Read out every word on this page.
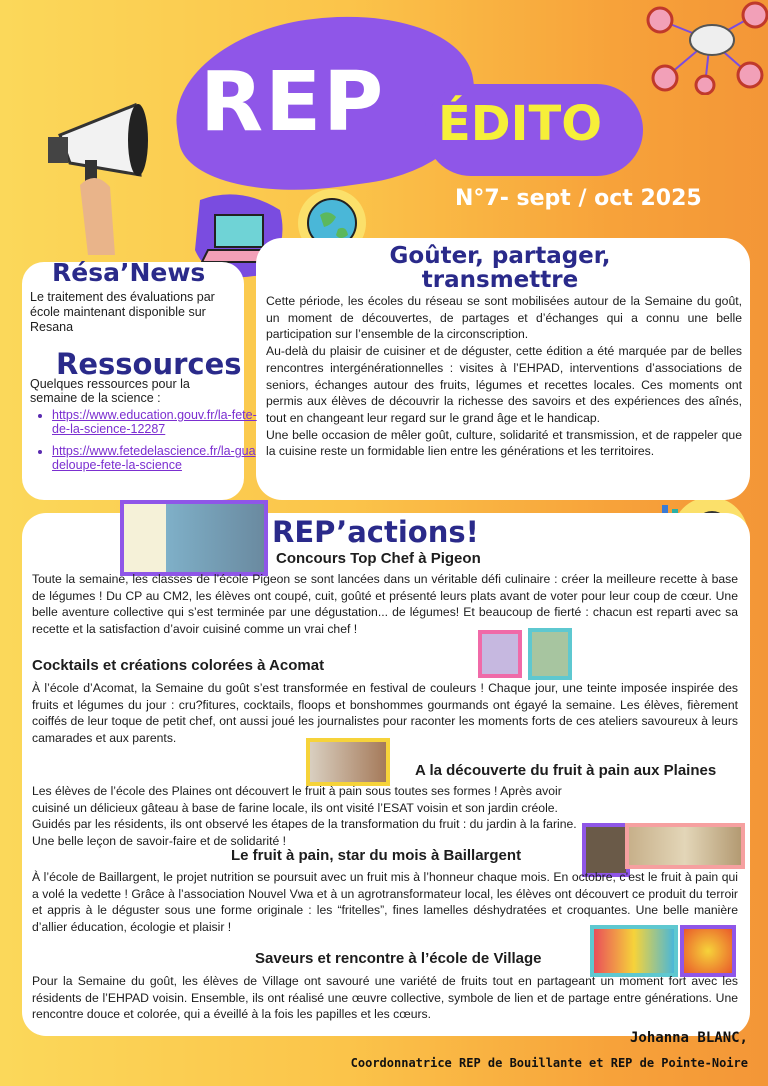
REP ÉDITO
N°7- sept / oct 2025
Résa’News
Le traitement des évaluations par école maintenant disponible sur Resana
Ressources
Quelques ressources pour la semaine de la science :
• https://www.education.gouv.fr/la-fete-de-la-science-12287
• https://www.fetedelascience.fr/la-guadeloupe-fete-la-science
Goûter, partager, transmettre

Cette période, les écoles du réseau se sont mobilisées autour de la Semaine du goût, un moment de découvertes, de partages et d’échanges qui a connu une belle participation sur l’ensemble de la circonscription.

Au-delà du plaisir de cuisiner et de déguster, cette édition a été marquée par de belles rencontres intergénérationnelles : visites à l’EHPAD, interventions d’associations de seniors, échanges autour des fruits, légumes et recettes locales. Ces moments ont permis aux élèves de découvrir la richesse des savoirs et des expériences des aînés, tout en changeant leur regard sur le grand âge et le handicap.

Une belle occasion de mêler goût, culture, solidarité et transmission, et de rappeler que la cuisine reste un formidable lien entre les générations et les territoires.

REP’actions!
Concours Top Chef à Pigeon
Toute la semaine, les classes de l’école Pigeon se sont lancées dans un véritable défi culinaire : créer la meilleure recette à base de légumes ! Du CP au CM2, les élèves ont coupé, cuit, goûté et présenté leurs plats avant de voter pour leur coup de cœur. Une belle aventure collective qui s’est terminée par une dégustation... de légumes! Et beaucoup de fierté : chacun est reparti avec sa recette et la satisfaction d’avoir cuisiné comme un vrai chef !
Cocktails et créations colorées à Acomat
À l’école d’Acomat, la Semaine du goût s’est transformée en festival de couleurs ! Chaque jour, une teinte imposée inspirée des fruits et légumes du jour : cru?fitures, cocktails, floops et bonshommes gourmands ont égayé la semaine. Les élèves, fièrement coiffés de leur toque de petit chef, ont aussi joué les journalistes pour raconter les moments forts de ces ateliers savoureux à leurs camarades et aux parents.
A la découverte du fruit à pain aux Plaines
Les élèves de l’école des Plaines ont découvert le fruit à pain sous toutes ses formes ! Après avoir cuisiné un délicieux gâteau à base de farine locale, ils ont visité l’ESAT voisin et son jardin créole. Guidés par les résidents, ils ont observé les étapes de la transformation du fruit : du jardin à la farine. Une belle leçon de savoir-faire et de solidarité !
Le fruit à pain, star du mois à Baillargent
À l’école de Baillargent, le projet nutrition se poursuit avec un fruit mis à l’honneur chaque mois. En octobre, c’est le fruit à pain qui a volé la vedette ! Grâce à l’association Nouvel Vwa et à un agrotransformateur local, les élèves ont découvert ce produit du terroir et appris à le déguster sous une forme originale : les “fritelles”, fines lamelles déshydratées et croquantes. Une belle manière d’allier éducation, écologie et plaisir !
Saveurs et rencontre à l’école de Village
Pour la Semaine du goût, les élèves de Village ont savouré une variété de fruits tout en partageant un moment fort avec les résidents de l’EHPAD voisin. Ensemble, ils ont réalisé une œuvre collective, symbole de lien et de partage entre générations. Une rencontre douce et colorée, qui a éveillé à la fois les papilles et les cœurs.
Johanna BLANC,
Coordonnatrice REP de Bouillante et REP de Pointe-Noire
